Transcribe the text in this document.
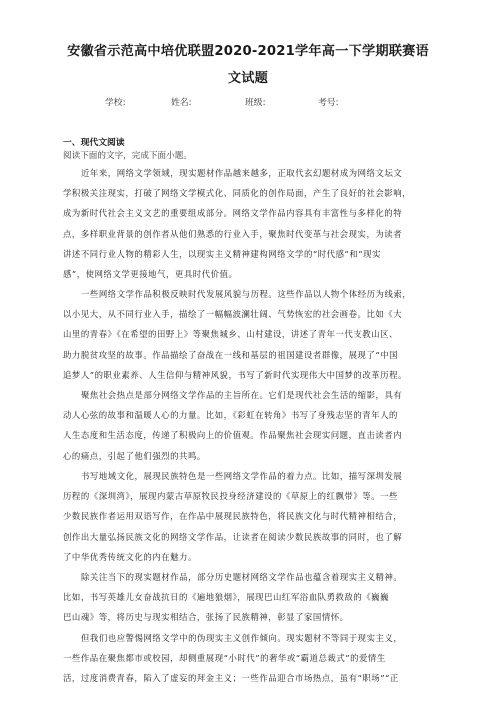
安徽省示范高中培优联盟2020-2021学年高一下学期联赛语
文试题
学校:	姓名:	班级:	考号:
一、现代文阅读
阅读下面的文字，完成下面小题。
近年来，网络文学领域，现实题材作品越来越多，正取代玄幻题材成为网络文坛文
学积极关注现实，打破了网络文学模式化、同质化的创作局面，产生了良好的社会影响，
成为新时代社会主义文艺的重要组成部分。网络文学作品内容具有丰富性与多样化的特
点，多样职业背景的创作者从他们熟悉的行业入手，聚焦时代变革与社会现实，为读者
讲述不同行业人物的精彩人生，以现实主义精神建构网络文学的“时代感”和“现实
感”，使网络文学更接地气，更具时代价值。
一些网络文学作品积极反映时代发展风貌与历程。这些作品以人物个体经历为线索，
以小见大，从不同行业入手，描绘了一幅幅波澜壮阔、气势恢宏的社会画卷。比如《大
山里的青春》《在希望的田野上》等聚焦城乡、山村建设，讲述了青年一代支教山区、
助力脱贫攻坚的故事。作品描绘了奋战在一线和基层的祖国建设者群像，展现了“中国
追梦人”的职业素养、人生信仰与精神风貌，书写了新时代实现伟大中国梦的改革历程。
聚焦社会热点是部分网络文学作品的主旨所在。它们是现代社会生活的缩影，具有
动人心弦的故事和温暖人心的力量。比如，《彩虹在转角》书写了身残志坚的青年人的
人生态度和生活态度，传递了积极向上的价值观。作品聚焦社会现实问题，直击读者内
心的痛点，引起了他们强烈的共鸣。
书写地域文化，展现民族特色是一些网络文学作品的着力点。比如，描写深圳发展
历程的《深圳湾》，展现内蒙古草原牧民投身经济建设的《草原上的红飘带》等。一些
少数民族作者运用双语写作，在作品中展现民族特色，将民族文化与时代精神相结合，
创作出大量弘扬民族文化的网络文学作品，让读者在阅读少数民族故事的同时，也了解
了中华优秀传统文化的内在魅力。
除关注当下的现实题材作品，部分历史题材网络文学作品也蕴含着现实主义精神。
比如，书写英雄儿女奋战抗日的《遍地狼烟》，展现巴山红军浴血队勇救敌的《巍巍
巴山魂》等，将历史与现实相结合，张扬了民族精神，彰显了家国情怀。
但我们也应警惕网络文学中的伪现实主义创作倾向。现实题材不等同于现实主义，
一些作品在聚焦都市或校园，却侧重展现“小时代”的奢华或“霸道总裁式”的爱情生
活，过度消费青春，陷入了虚妄的拜金主义；一些作品迎合市场热点，虽有“职场”“正
